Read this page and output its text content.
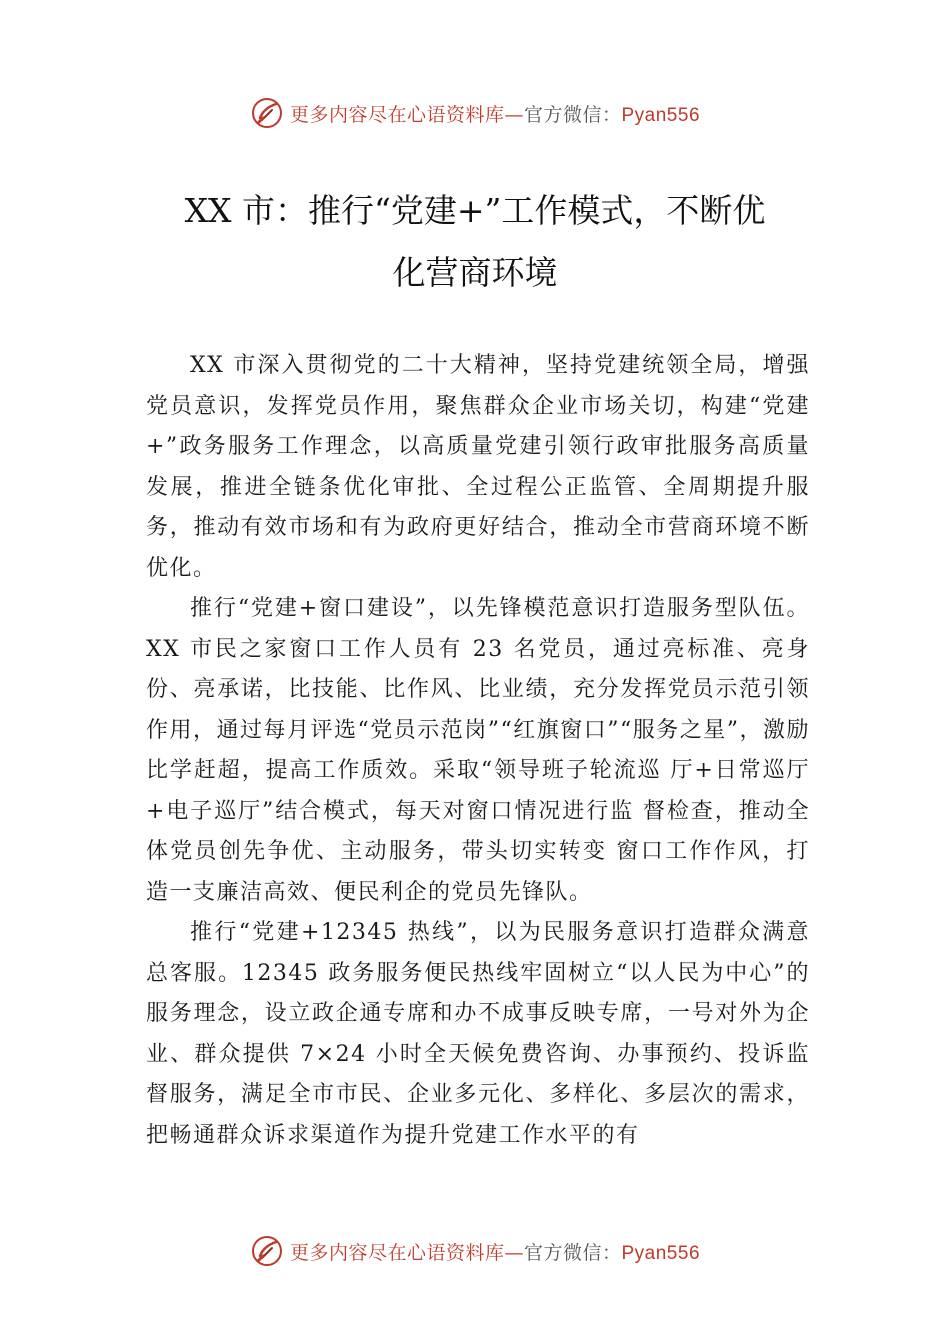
更多内容尽在心语资料库—官方微信：Pyan556
XX 市：推行“党建+”工作模式，不断优
化营商环境

XX 市深入贯彻党的二十大精神，坚持党建统领全局，增强党员意识，发挥党员作用，聚焦群众企业市场关切，构建“党建+”政务服务工作理念，以高质量党建引领行政审批服务高质量发展，推进全链条优化审批、全过程公正监管、全周期提升服务，推动有效市场和有为政府更好结合，推动全市营商环境不断优化。

推行“党建+窗口建设”，以先锋模范意识打造服务型队伍。XX 市民之家窗口工作人员有 23 名党员，通过亮标准、亮身份、亮承诺，比技能、比作风、比业绩，充分发挥党员示范引领作用，通过每月评选“党员示范岗”“红旗窗口”“服务之星”，激励比学赶超，提高工作质效。采取“领导班子轮流巡 厅+日常巡厅+电子巡厅”结合模式，每天对窗口情况进行监 督检查，推动全体党员创先争优、主动服务，带头切实转变 窗口工作作风，打造一支廉洁高效、便民利企的党员先锋队。

推行“党建+12345 热线”，以为民服务意识打造群众满意总客服。12345 政务服务便民热线牢固树立“以人民为中心”的服务理念，设立政企通专席和办不成事反映专席，一号对外为企业、群众提供 7×24 小时全天候免费咨询、办事预约、投诉监督服务，满足全市市民、企业多元化、多样化、多层次的需求，把畅通群众诉求渠道作为提升党建工作水平的有

更多内容尽在心语资料库—官方微信：Pyan556
